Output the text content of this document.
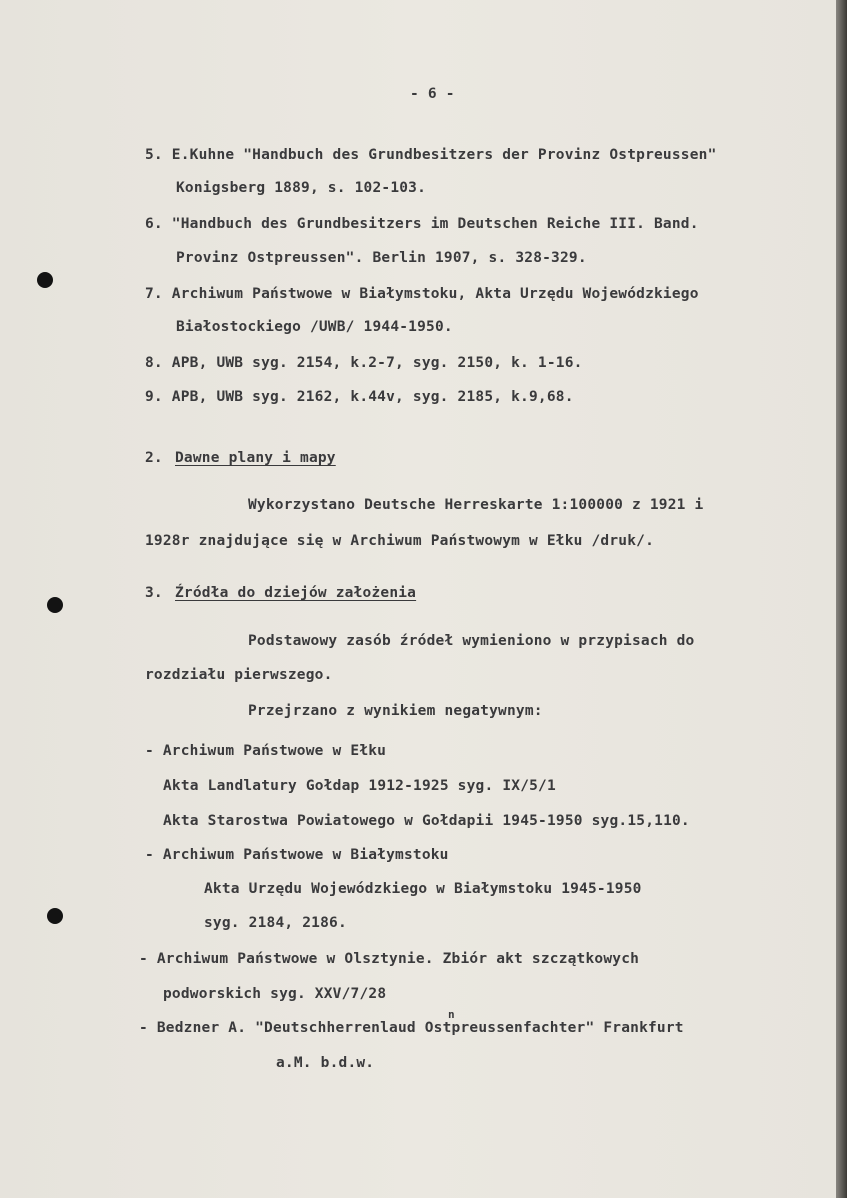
- 6 -
5. E.Kuhne "Handbuch des Grundbesitzers der Provinz Ostpreussen"
Konigsberg 1889, s. 102-103.
6. "Handbuch des Grundbesitzers im Deutschen Reiche III. Band.
Provinz Ostpreussen". Berlin 1907, s. 328-329.
7. Archiwum Państwowe w Białymstoku, Akta Urzędu Wojewódzkiego
Białostockiego /UWB/ 1944-1950.
8. APB, UWB syg. 2154, k.2-7, syg. 2150, k. 1-16.
9. APB, UWB syg. 2162, k.44v, syg. 2185, k.9,68.
2. Dawne plany i mapy
Wykorzystano Deutsche Herreskarte 1:100000 z 1921 i
1928r znajdujące się w Archiwum Państwowym w Ełku /druk/.
3. Źródła do dziejów założenia
Podstawowy zasób źródeł wymieniono w przypisach do
rozdziału pierwszego.
Przejrzano z wynikiem negatywnym:
- Archiwum Państwowe w Ełku
Akta Landlatury Gołdap 1912-1925 syg. IX/5/1
Akta Starostwa Powiatowego w Gołdapii 1945-1950 syg.15,110.
- Archiwum Państwowe w Białymstoku
Akta Urzędu Wojewódzkiego w Białymstoku 1945-1950
syg. 2184, 2186.
- Archiwum Państwowe w Olsztynie. Zbiór akt szczątkowych
podworskich syg. XXV/7/28
n
- Bedzner A. "Deutschherrenlaud Ostpreussenfachter" Frankfurt
a.M. b.d.w.
